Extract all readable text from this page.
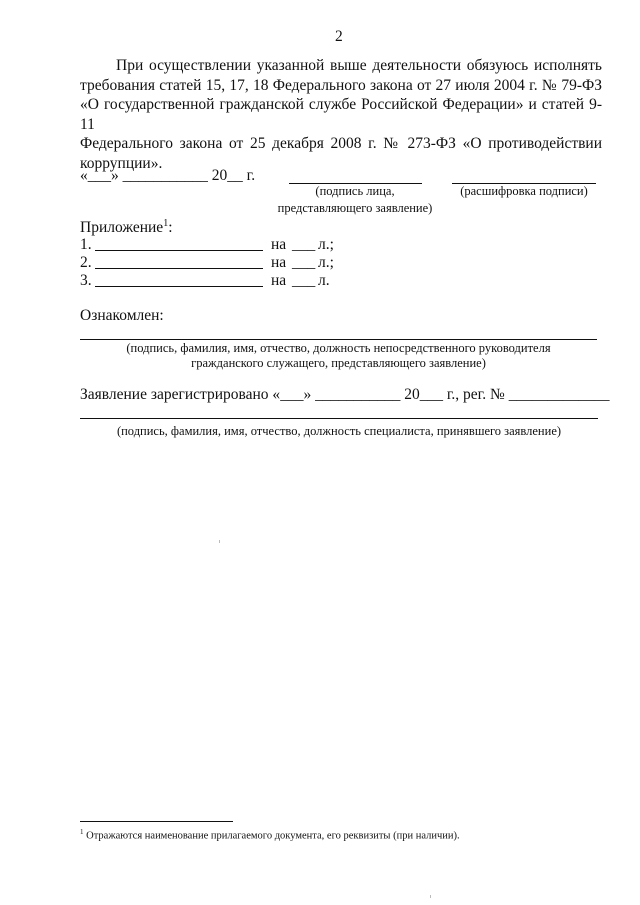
2
При осуществлении указанной выше деятельности обязуюсь исполнять
требования статей 15, 17, 18 Федерального закона от 27 июля 2004 г. № 79-ФЗ
«О государственной гражданской службе Российской Федерации» и статей 9-11
Федерального закона от 25 декабря 2008 г. № 273-ФЗ «О противодействии
коррупции».
«___» ___________ 20__ г.
(подпись лица,
представляющего заявление)
(расшифровка подписи)
Приложение$^1$:
1.	на ___ л.;
2.	на ___ л.;
3.	на ___ л.
Ознакомлен:
(подпись, фамилия, имя, отчество, должность непосредственного руководителя
гражданского служащего, представляющего заявление)
Заявление зарегистрировано «___» ___________ 20___ г., рег. № _____________
(подпись, фамилия, имя, отчество, должность специалиста, принявшего заявление)
$^1$ Отражаются наименование прилагаемого документа, его реквизиты (при наличии).
